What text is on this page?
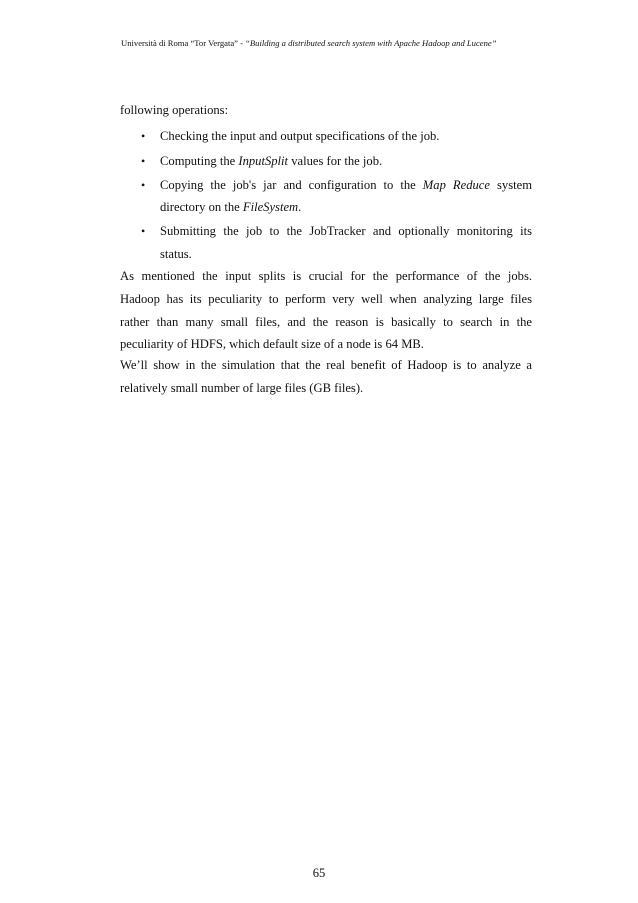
Università di Roma “Tor Vergata” - “Building a distributed search system with Apache Hadoop and Lucene”

following operations:

• Checking the input and output specifications of the job.

• Computing the InputSplit values for the job.

• Copying the job's jar and configuration to the Map Reduce system

directory on the FileSystem.

• Submitting the job to the JobTracker and optionally monitoring its

status.

As mentioned the input splits is crucial for the performance of the jobs.

Hadoop has its peculiarity to perform very well when analyzing large files

rather than many small files, and the reason is basically to search in the

peculiarity of HDFS, which default size of a node is 64 MB.

We’ll show in the simulation that the real benefit of Hadoop is to analyze a

relatively small number of large files (GB files).

65
